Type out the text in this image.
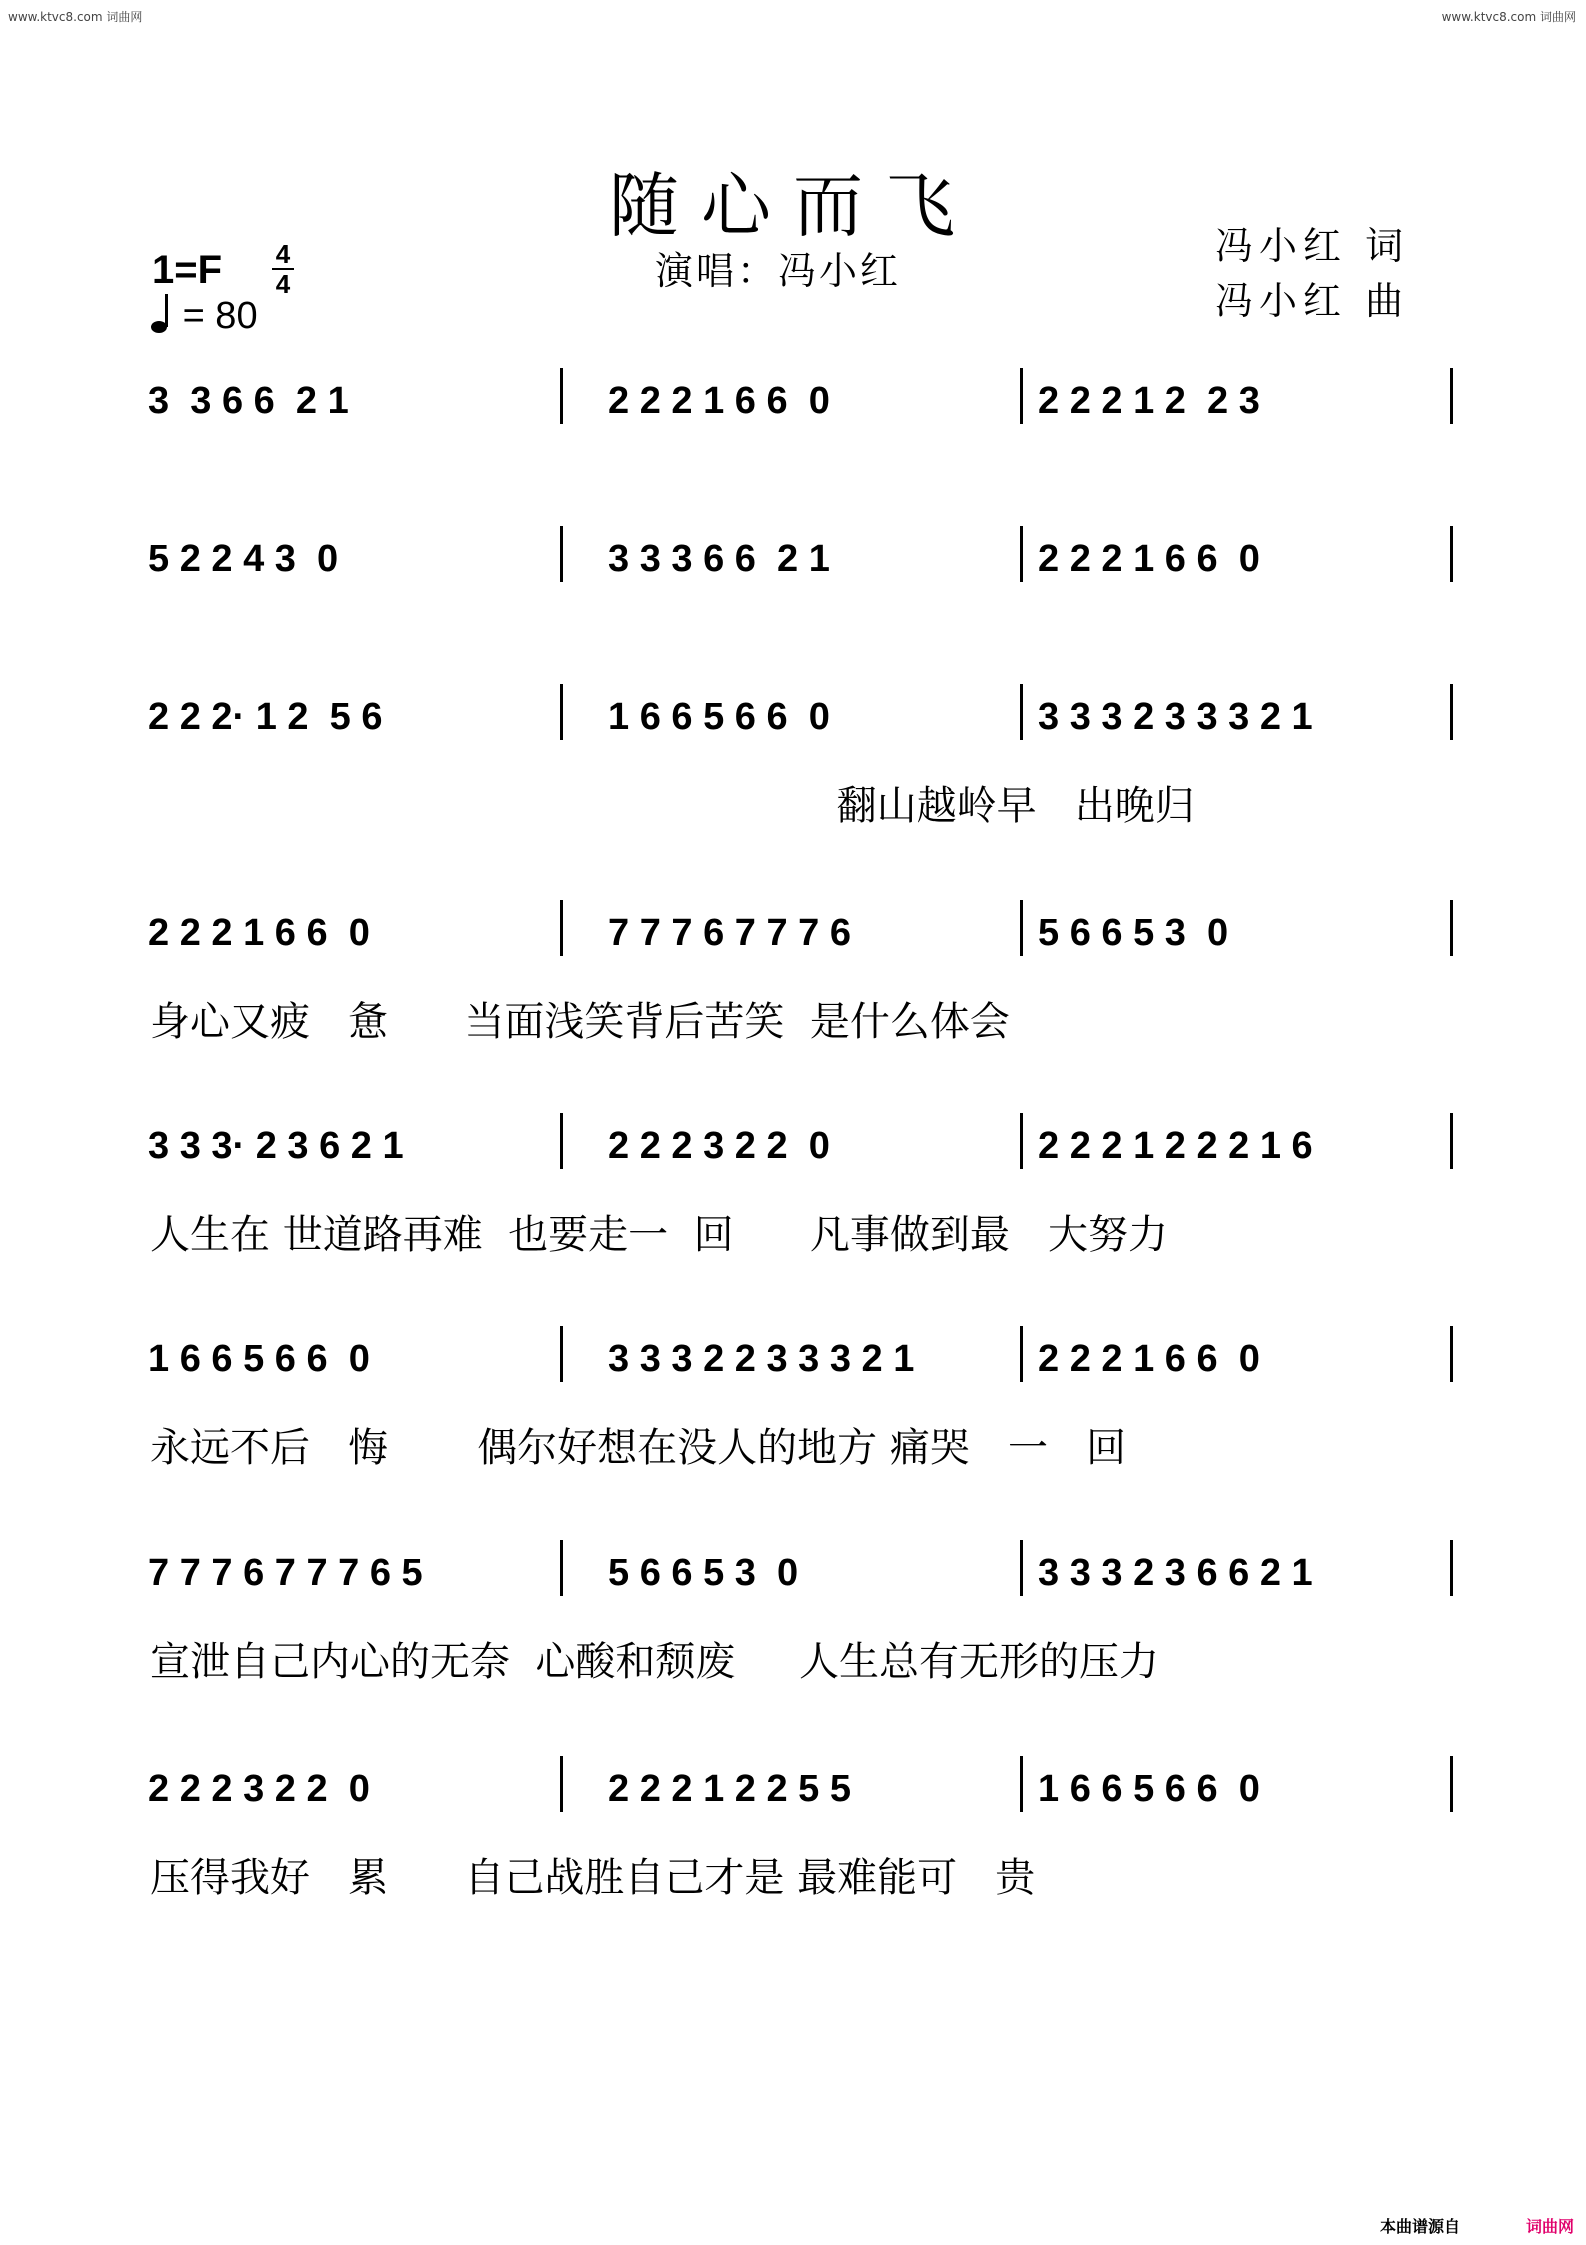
www.ktvc8.com 词曲网	www.ktvc8.com 词曲网
随心而飞
演唱：冯小红
冯小红 词
冯小红 曲
1=F 4
4
= 80
3  3 6 6  2 1	2 2 2 1 6 6  0	2 2 2 1 2  2 3
5 2 2 4 3  0	3 3 3 6 6  2 1	2 2 2 1 6 6  0
2 2 2· 1 2  5 6	1 6 6 5 6 6  0	3 3 3 2 3 3 3 2 1
翻山越岭早   出晚归
2 2 2 1 6 6  0	7 7 7 6 7 7 7 6	5 6 6 5 3  0
身心又疲   惫      当面浅笑背后苦笑  是什么体会
3 3 3· 2 3 6 2 1	2 2 2 3 2 2  0	2 2 2 1 2 2 2 1 6
人生在 世道路再难  也要走一  回      凡事做到最   大努力
1 6 6 5 6 6  0	3 3 3 2 2 3 3 3 2 1	2 2 2 1 6 6  0
永远不后   悔       偶尔好想在没人的地方 痛哭   一   回
7 7 7 6 7 7 7 6 5	5 6 6 5 3  0	3 3 3 2 3 6 6 2 1
宣泄自己内心的无奈  心酸和颓废     人生总有无形的压力
2 2 2 3 2 2  0	2 2 2 1 2 2 5 5	1 6 6 5 6 6  0
压得我好   累      自己战胜自己才是 最难能可   贵
本曲谱源自	词曲网
